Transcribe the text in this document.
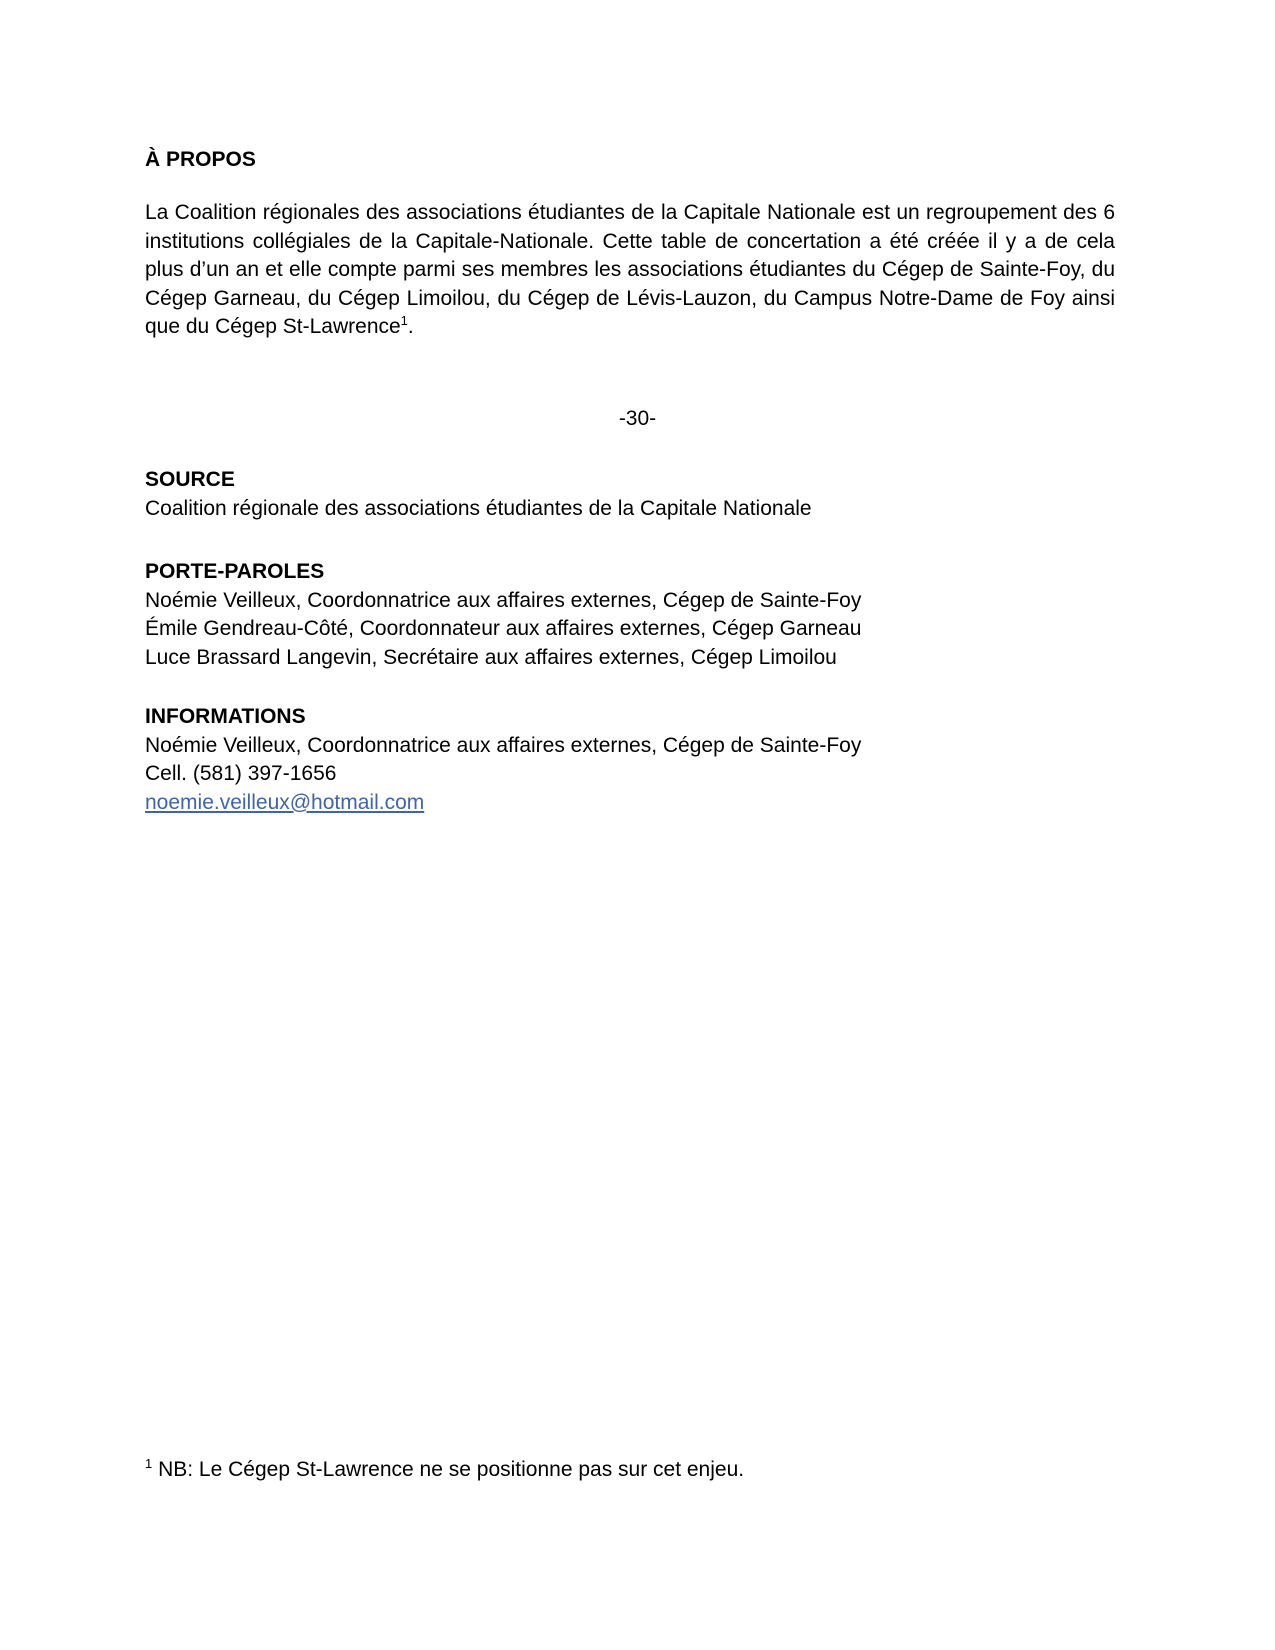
À PROPOS
La Coalition régionales des associations étudiantes de la Capitale Nationale est un regroupement des 6 institutions collégiales de la Capitale-Nationale. Cette table de concertation a été créée il y a de cela plus d’un an et elle compte parmi ses membres les associations étudiantes du Cégep de Sainte-Foy, du Cégep Garneau, du Cégep Limoilou, du Cégep de Lévis-Lauzon, du Campus Notre-Dame de Foy ainsi que du Cégep St-Lawrence$^1$.
-30-
SOURCE
Coalition régionale des associations étudiantes de la Capitale Nationale
PORTE-PAROLES
Noémie Veilleux, Coordonnatrice aux affaires externes, Cégep de Sainte-Foy
Émile Gendreau-Côté, Coordonnateur aux affaires externes, Cégep Garneau
Luce Brassard Langevin, Secrétaire aux affaires externes, Cégep Limoilou
INFORMATIONS
Noémie Veilleux, Coordonnatrice aux affaires externes, Cégep de Sainte-Foy
Cell. (581) 397-1656
noemie.veilleux@hotmail.com
$^1$ NB: Le Cégep St-Lawrence ne se positionne pas sur cet enjeu.
